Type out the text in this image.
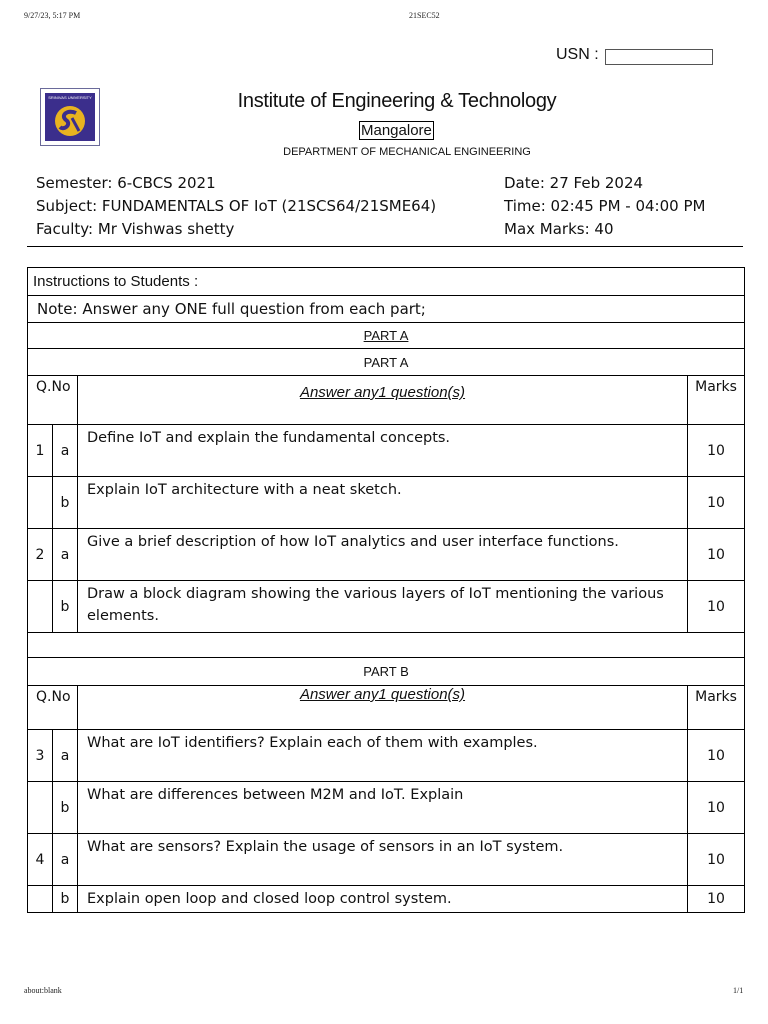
9/27/23, 5:17 PM	21SEC52
USN :
SRINIVAS UNIVERSITY	Institute of Engineering & Technology
Mangalore
DEPARTMENT OF MECHANICAL ENGINEERING
Semester: 6-CBCS 2021
Subject: FUNDAMENTALS OF IoT (21SCS64/21SME64)
Faculty: Mr Vishwas shetty
Date: 27 Feb 2024
Time: 02:45 PM - 04:00 PM
Max Marks: 40
Instructions to Students :			
Note: Answer any ONE full question from each part;			
PART A			
PART A			
Q.No		Answer any1 question(s)	Marks
1	a	Define IoT and explain the fundamental concepts.	10
	b	Explain IoT architecture with a neat sketch.	10
2	a	Give a brief description of how IoT analytics and user interface functions.	10
	b	Draw a block diagram showing the various layers of IoT mentioning the various elements.	10

PART B			
Q.No		Answer any1 question(s)	Marks
3	a	What are IoT identifiers? Explain each of them with examples.	10
	b	What are differences between M2M and IoT. Explain	10
4	a	What are sensors? Explain the usage of sensors in an IoT system.	10
	b	Explain open loop and closed loop control system.	10
about:blank	1/1
